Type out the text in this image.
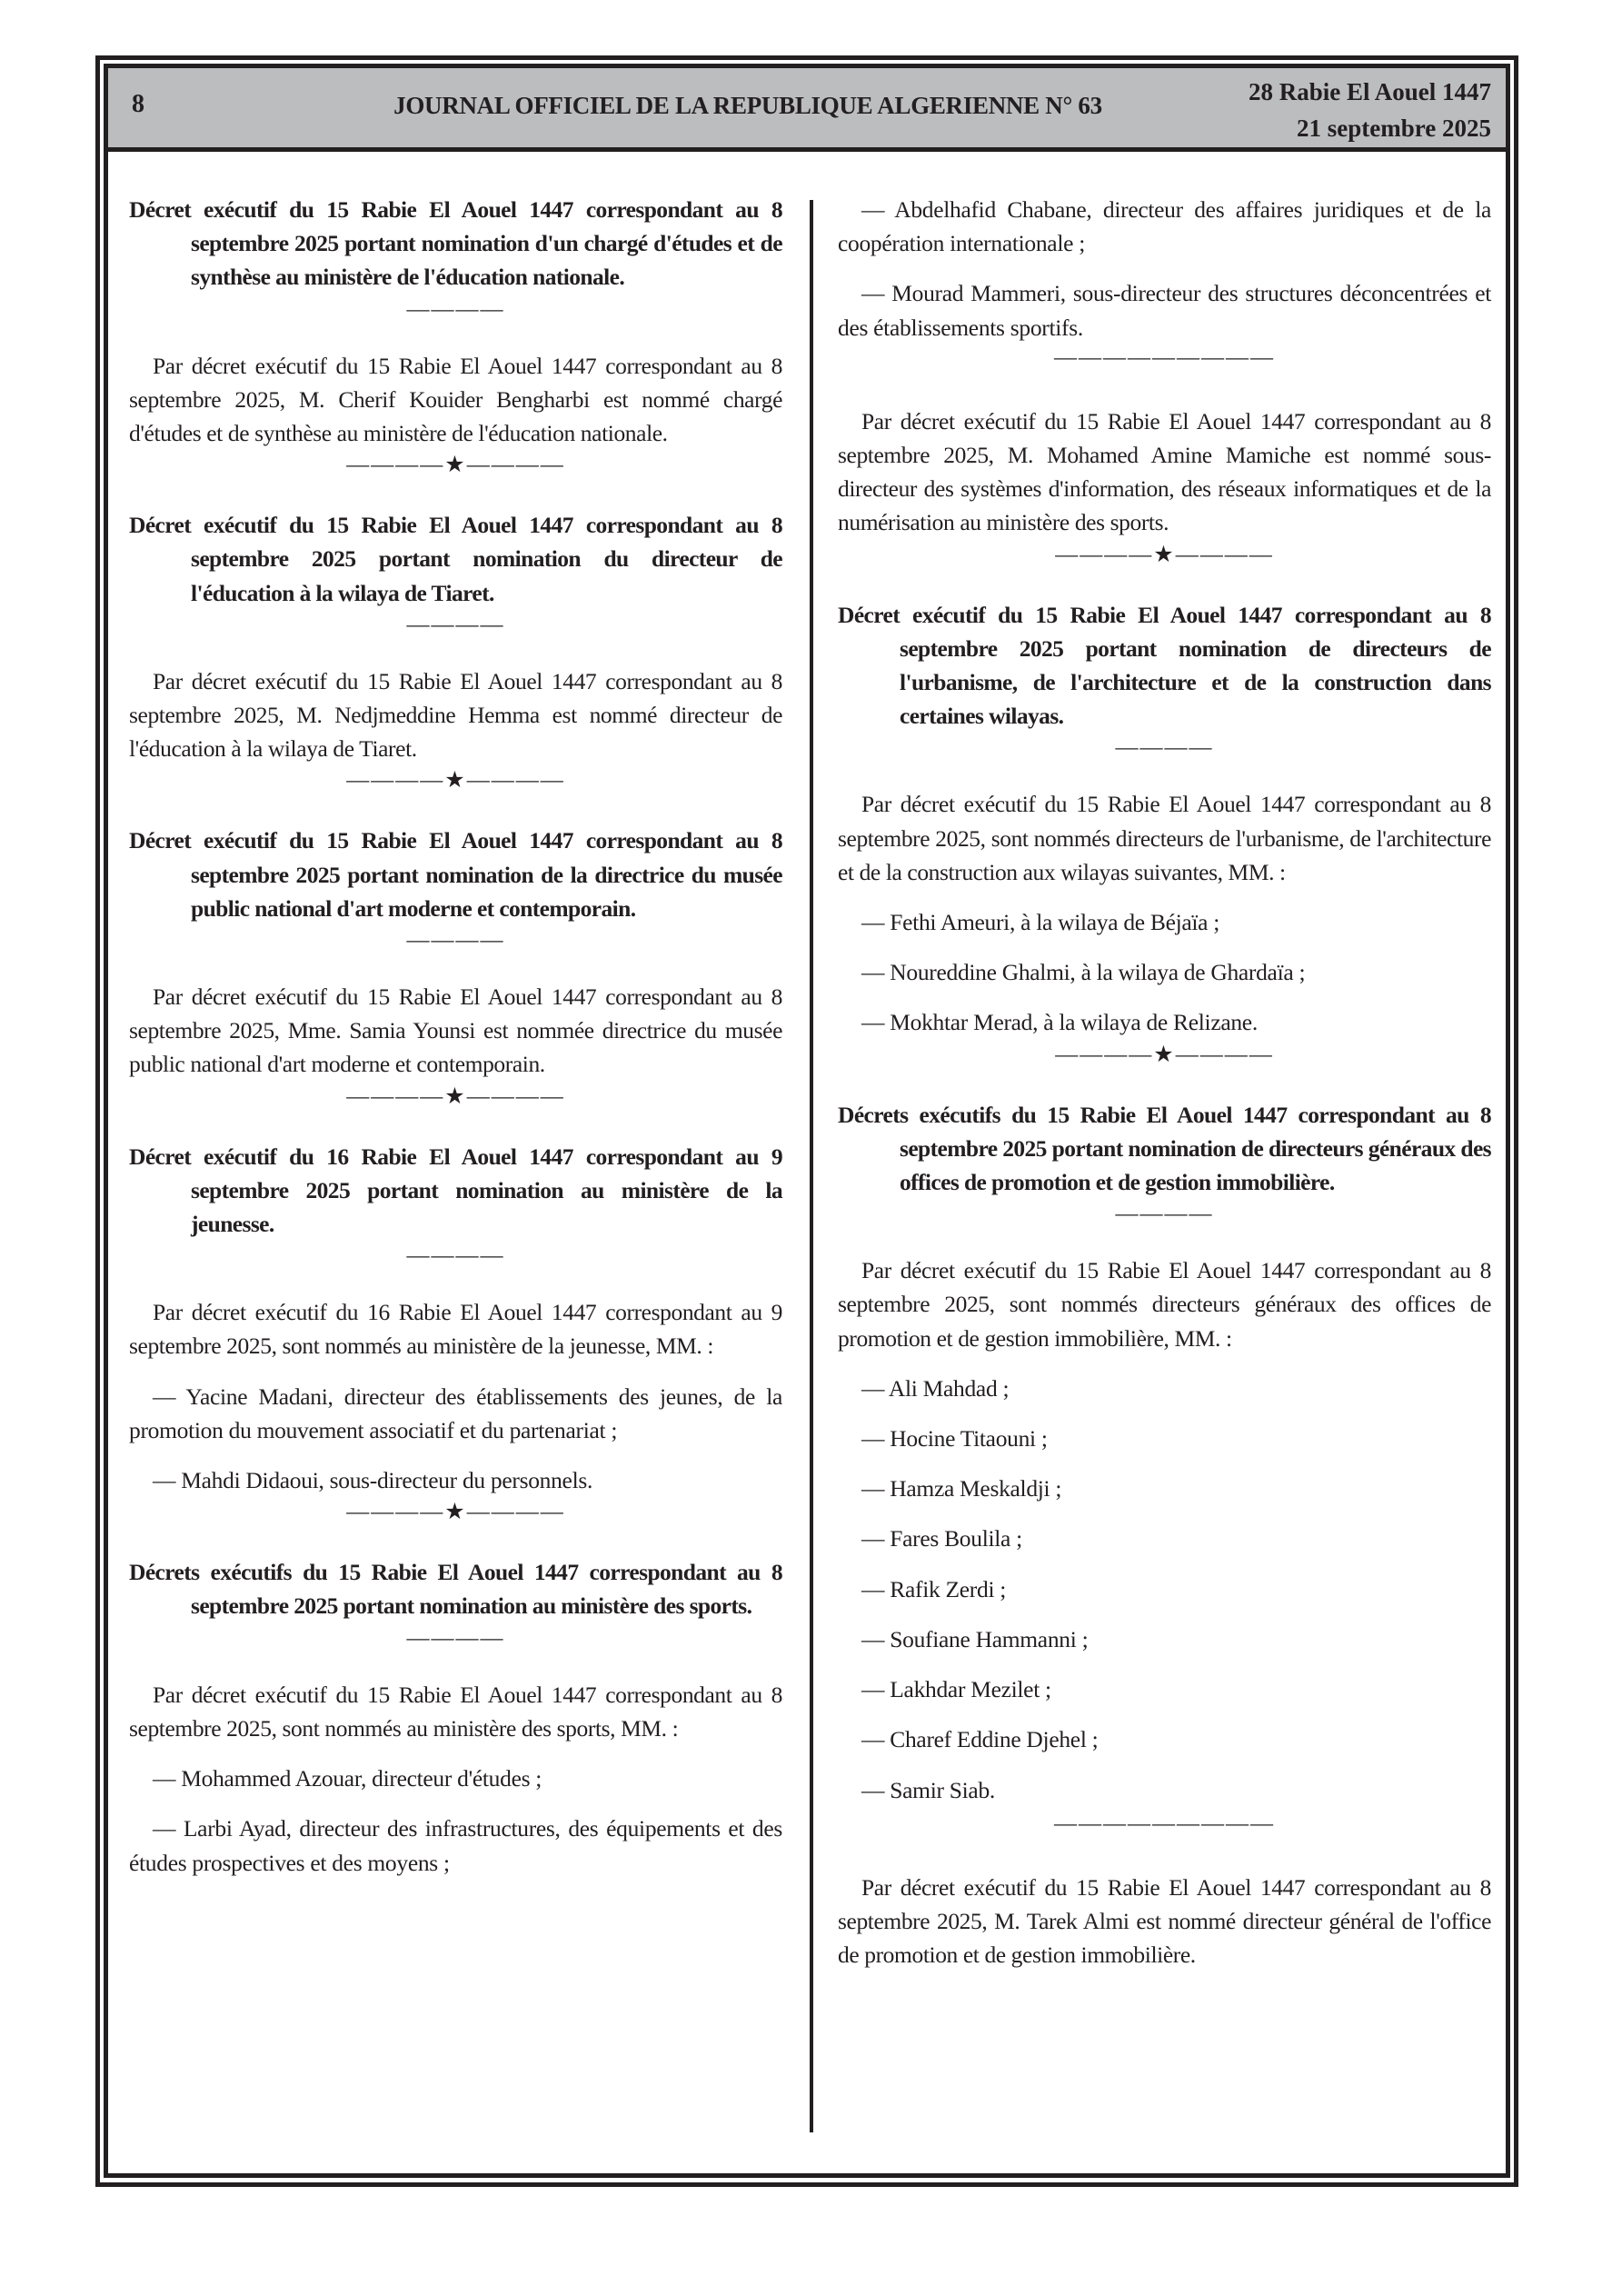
8	JOURNAL OFFICIEL DE LA REPUBLIQUE ALGERIENNE N° 63	28 Rabie El Aouel 1447
21 septembre 2025

Décret exécutif du 15 Rabie El Aouel 1447 correspondant au 8 septembre 2025 portant nomination d'un chargé d'études et de synthèse au ministère de l'éducation nationale.

————

Par décret exécutif du 15 Rabie El Aouel 1447 correspondant au 8 septembre 2025, M. Cherif Kouider Bengharbi est nommé chargé d'études et de synthèse au ministère de l'éducation nationale.

————★————

Décret exécutif du 15 Rabie El Aouel 1447 correspondant au 8 septembre 2025 portant nomination du directeur de l'éducation à la wilaya de Tiaret.

————

Par décret exécutif du 15 Rabie El Aouel 1447 correspondant au 8 septembre 2025, M. Nedjmeddine Hemma est nommé directeur de l'éducation à la wilaya de Tiaret.

————★————

Décret exécutif du 15 Rabie El Aouel 1447 correspondant au 8 septembre 2025 portant nomination de la directrice du musée public national d'art moderne et contemporain.

————

Par décret exécutif du 15 Rabie El Aouel 1447 correspondant au 8 septembre 2025, Mme. Samia Younsi est nommée directrice du musée public national d'art moderne et contemporain.

————★————

Décret exécutif du 16 Rabie El Aouel 1447 correspondant au 9 septembre 2025 portant nomination au ministère de la jeunesse.

————

Par décret exécutif du 16 Rabie El Aouel 1447 correspondant au 9 septembre 2025, sont nommés au ministère de la jeunesse, MM. :

— Yacine Madani, directeur des établissements des jeunes, de la promotion du mouvement associatif et du partenariat ;

— Mahdi Didaoui, sous-directeur du personnels.

————★————

Décrets exécutifs du 15 Rabie El Aouel 1447 correspondant au 8 septembre 2025 portant nomination au ministère des sports.

————

Par décret exécutif du 15 Rabie El Aouel 1447 correspondant au 8 septembre 2025, sont nommés au ministère des sports, MM. :

— Mohammed Azouar, directeur d'études ;

— Larbi Ayad, directeur des infrastructures, des équipements et des études prospectives et des moyens ;

— Abdelhafid Chabane, directeur des affaires juridiques et de la coopération internationale ;

— Mourad Mammeri, sous-directeur des structures déconcentrées et des établissements sportifs.

—————————

Par décret exécutif du 15 Rabie El Aouel 1447 correspondant au 8 septembre 2025, M. Mohamed Amine Mamiche est nommé sous-directeur des systèmes d'information, des réseaux informatiques et de la numérisation au ministère des sports.

————★————

Décret exécutif du 15 Rabie El Aouel 1447 correspondant au 8 septembre 2025 portant nomination de directeurs de l'urbanisme, de l'architecture et de la construction dans certaines wilayas.

————

Par décret exécutif du 15 Rabie El Aouel 1447 correspondant au 8 septembre 2025, sont nommés directeurs de l'urbanisme, de l'architecture et de la construction aux wilayas suivantes, MM. :

— Fethi Ameuri, à la wilaya de Béjaïa ;

— Noureddine Ghalmi, à la wilaya de Ghardaïa ;

— Mokhtar Merad, à la wilaya de Relizane.

————★————

Décrets exécutifs du 15 Rabie El Aouel 1447 correspondant au 8 septembre 2025 portant nomination de directeurs généraux des offices de promotion et de gestion immobilière.

————

Par décret exécutif du 15 Rabie El Aouel 1447 correspondant au 8 septembre 2025, sont nommés directeurs généraux des offices de promotion et de gestion immobilière, MM. :

— Ali Mahdad ;

— Hocine Titaouni ;

— Hamza Meskaldji ;

— Fares Boulila ;

— Rafik Zerdi ;

— Soufiane Hammanni ;

— Lakhdar Mezilet ;

— Charef Eddine Djehel ;

— Samir Siab.

—————————

Par décret exécutif du 15 Rabie El Aouel 1447 correspondant au 8 septembre 2025, M. Tarek Almi est nommé directeur général de l'office de promotion et de gestion immobilière.
